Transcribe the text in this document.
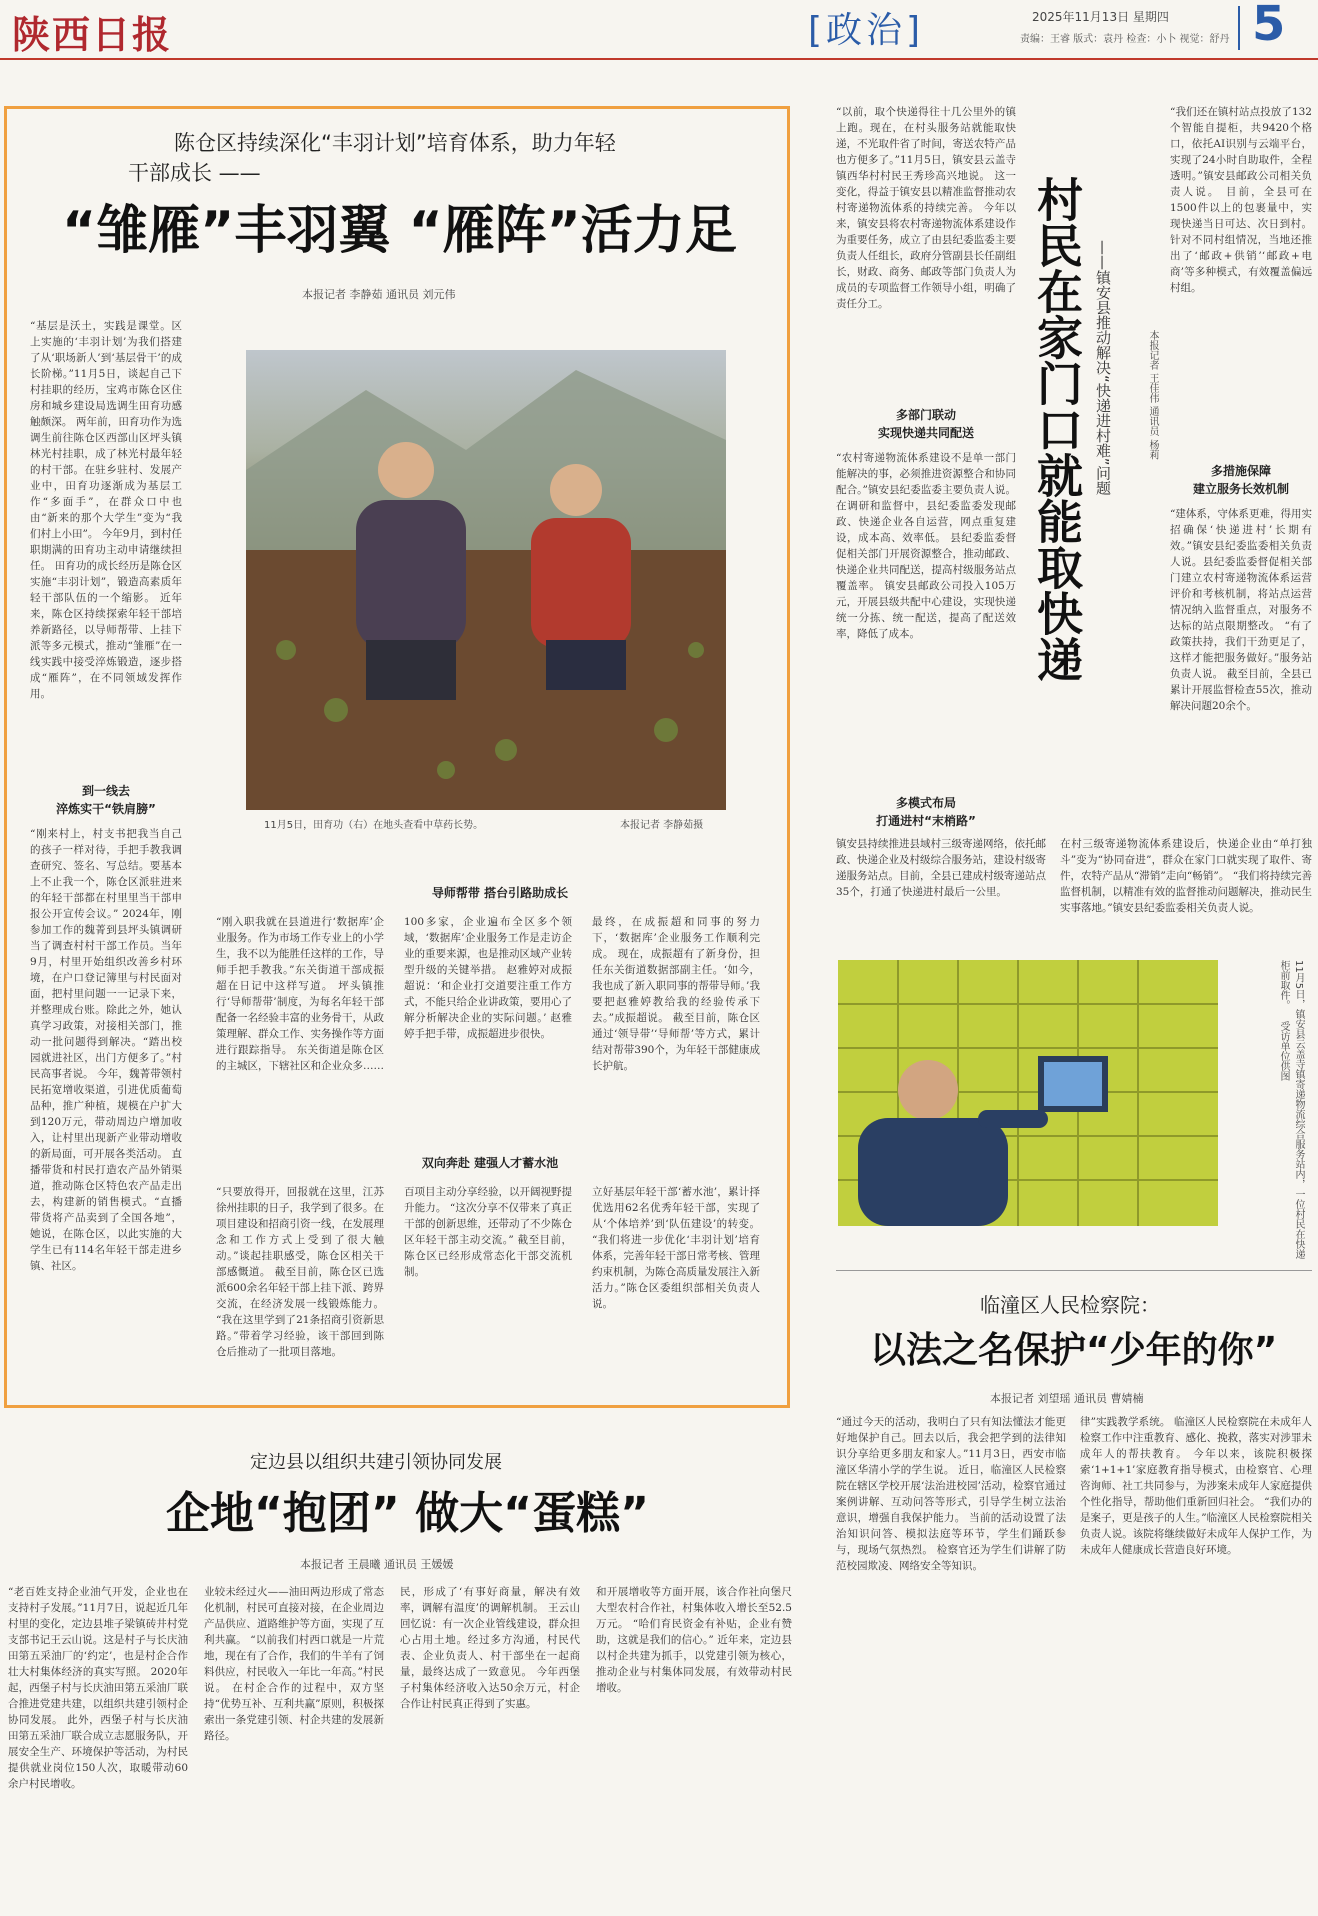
陕西日报	[政治]	2025年11月13日 星期四
责编：王睿 版式：袁丹 检查：小卜 视觉：舒丹 5
陈仓区持续深化“丰羽计划”培育体系，助力年轻
干部成长 ——
“雏雁”丰羽翼 “雁阵”活力足
本报记者 李静茹 通讯员 刘元伟
“基层是沃土，实践是课堂。区上实施的‘丰羽计划’为我们搭建了从‘职场新人’到‘基层骨干’的成长阶梯。”11月5日，谈起自己下村挂职的经历，宝鸡市陈仓区住房和城乡建设局选调生田育功感触颇深。 两年前，田育功作为选调生前往陈仓区西部山区坪头镇林光村挂职，成了林光村最年轻的村干部。在驻乡驻村、发展产业中，田育功逐渐成为基层工作“多面手”，在群众口中也由“新来的那个大学生”变为“我们村上小田”。 今年9月，到村任职期满的田育功主动申请继续担任。 田育功的成长经历是陈仓区实施“丰羽计划”，锻造高素质年轻干部队伍的一个缩影。 近年来，陈仓区持续探索年轻干部培养新路径，以导师帮带、上挂下派等多元模式，推动“雏雁”在一线实践中接受淬炼锻造，逐步搭成“雁阵”，在不同领域发挥作用。
11月5日，田育功（右）在地头查看中草药长势。	本报记者 李静茹摄
到一线去
淬炼实干“铁肩膀”
“刚来村上，村支书把我当自己的孩子一样对待，手把手教我调查研究、签名、写总结。要基本上不止我一个，陈仓区派驻进来的年轻干部都在村里里当干部申报公开宣传会议。” 2024年，刚参加工作的魏菁到县坪头镇调研当了调查村村干部工作员。当年9月，村里开始组织改善乡村环境，在户口登记簿里与村民面对面，把村里问题一一记录下来，并整理成台账。除此之外，她认真学习政策，对接相关部门，推动一批问题得到解决。“踏出校园就进社区，出门方便多了。”村民高事者说。 今年，魏菁带领村民拓宽增收渠道，引进优质葡萄品种，推广种植，规模在户扩大到120万元，带动周边户增加收入，让村里出现新产业带动增收的新局面，可开展各类活动。 直播带货和村民打造农产品外销渠道，推动陈仓区特色农产品走出去，构建新的销售模式。“直播带货将产品卖到了全国各地”，她说，在陈仓区，以此实施的大学生已有114名年轻干部走进乡镇、社区。
导师帮带 搭台引路助成长
“刚入职我就在县道进行‘数据库’企业服务。作为市场工作专业上的小学生，我不以为能胜任这样的工作，导师手把手教我。”东关街道干部成振超在日记中这样写道。 坪头镇推行‘导师帮带’制度，为每名年轻干部配备一名经验丰富的业务骨干，从政策理解、群众工作、实务操作等方面进行跟踪指导。 东关街道是陈仓区的主城区，下辖社区和企业众多……
100多家，企业遍布全区多个领域，‘数据库’企业服务工作是走访企业的重要来源，也是推动区域产业转型升级的关键举措。 赵雅婷对成振超说：‘和企业打交道要注重工作方式，不能只给企业讲政策，要用心了解分析解决企业的实际问题。’ 赵雅婷手把手带，成振超进步很快。
最终，在成振超和同事的努力下，‘数据库’企业服务工作顺利完成。 现在，成振超有了新身份，担任东关街道数据部副主任。‘如今，我也成了新入职同事的帮带导师。’我要把赵雅婷教给我的经验传承下去。”成振超说。 截至目前，陈仓区通过‘领导带’‘导师帮’等方式，累计结对帮带390个，为年轻干部健康成长护航。
双向奔赴 建强人才蓄水池
“只要放得开，回报就在这里，江苏徐州挂职的日子，我学到了很多。在项目建设和招商引资一线，在发展理念和工作方式上受到了很大触动。”谈起挂职感受，陈仓区相关干部感慨道。 截至目前，陈仓区已选派600余名年轻干部上挂下派、跨界交流，在经济发展一线锻炼能力。 “我在这里学到了21条招商引资新思路。”带着学习经验，该干部回到陈仓后推动了一批项目落地。
百项目主动分享经验，以开阔视野提升能力。 “这次分享不仅带来了真正干部的创新思维，还带动了不少陈仓区年轻干部主动交流。” 截至目前，陈仓区已经形成常态化干部交流机制。
立好基层年轻干部‘蓄水池’，累计择优选用62名优秀年轻干部，实现了从‘个体培养’到‘队伍建设’的转变。 “我们将进一步优化‘丰羽计划’培育体系，完善年轻干部日常考核、管理约束机制，为陈仓高质量发展注入新活力。”陈仓区委组织部相关负责人说。
“以前，取个快递得往十几公里外的镇上跑。现在，在村头服务站就能取快递，不光取件省了时间，寄送农特产品也方便多了。”11月5日，镇安县云盖寺镇西华村村民王秀珍高兴地说。 这一变化，得益于镇安县以精准监督推动农村寄递物流体系的持续完善。 今年以来，镇安县将农村寄递物流体系建设作为重要任务，成立了由县纪委监委主要负责人任组长，政府分管副县长任副组长，财政、商务、邮政等部门负责人为成员的专项监督工作领导小组，明确了责任分工。
多部门联动
实现快递共同配送
“农村寄递物流体系建设不是单一部门能解决的事，必须推进资源整合和协同配合。”镇安县纪委监委主要负责人说。在调研和监督中，县纪委监委发现邮政、快递企业各自运营，网点重复建设，成本高、效率低。 县纪委监委督促相关部门开展资源整合，推动邮政、快递企业共同配送，提高村级服务站点覆盖率。 镇安县邮政公司投入105万元，开展县级共配中心建设，实现快递统一分拣、统一配送，提高了配送效率，降低了成本。
多模式布局
打通进村“末梢路”
镇安县持续推进县域村三级寄递网络，依托邮政、快递企业及村级综合服务站，建设村级寄递服务站点。目前，全县已建成村级寄递站点35个，打通了快递进村最后一公里。
村民在家门口就能取快递 ——镇安县推动解决“快递进村难”问题	本报记者 王佳伟 通讯员 杨莉
“我们还在镇村站点投放了132个智能自提柜，共9420个格口，依托AI识别与云端平台，实现了24小时自助取件，全程透明。”镇安县邮政公司相关负责人说。 目前，全县可在1500件以上的包裹量中，实现快递当日可达、次日到村。 针对不同村组情况，当地还推出了‘邮政+供销’‘邮政+电商’等多种模式，有效覆盖偏远村组。
多措施保障
建立服务长效机制
“建体系，守体系更难，得用实招确保‘快递进村’长期有效。”镇安县纪委监委相关负责人说。县纪委监委督促相关部门建立农村寄递物流体系运营评价和考核机制，将站点运营情况纳入监督重点，对服务不达标的站点限期整改。 “有了政策扶持，我们干劲更足了，这样才能把服务做好。”服务站负责人说。 截至目前，全县已累计开展监督检查55次，推动解决问题20余个。
在村三级寄递物流体系建设后，快递企业由“单打独斗”变为“协同奋进”，群众在家门口就实现了取件、寄件，农特产品从“滞销”走向“畅销”。 “我们将持续完善监督机制，以精准有效的监督推动问题解决，推动民生实事落地。”镇安县纪委监委相关负责人说。
11月5日，镇安县云盖寺镇寄递物流综合服务站内，一位村民在快递柜前取件。 受访单位供图
临潼区人民检察院：
以法之名保护“少年的你”
本报记者 刘望瑶 通讯员 曹婧楠
“通过今天的活动，我明白了只有知法懂法才能更好地保护自己。回去以后，我会把学到的法律知识分享给更多朋友和家人。”11月3日，西安市临潼区华清小学的学生说。 近日，临潼区人民检察院在辖区学校开展‘法治进校园’活动，检察官通过案例讲解、互动问答等形式，引导学生树立法治意识，增强自我保护能力。 当前的活动设置了法治知识问答、模拟法庭等环节，学生们踊跃参与，现场气氛热烈。 检察官还为学生们讲解了防范校园欺凌、网络安全等知识。
律”实践教学系统。 临潼区人民检察院在未成年人检察工作中注重教育、感化、挽救，落实对涉罪未成年人的帮扶教育。 今年以来，该院积极探索‘1+1+1’家庭教育指导模式，由检察官、心理咨询师、社工共同参与，为涉案未成年人家庭提供个性化指导，帮助他们重新回归社会。 “我们办的是案子，更是孩子的人生。”临潼区人民检察院相关负责人说。该院将继续做好未成年人保护工作，为未成年人健康成长营造良好环境。
定边县以组织共建引领协同发展
企地“抱团” 做大“蛋糕”
本报记者 王晨曦 通讯员 王媛媛
“老百姓支持企业油气开发，企业也在支持村子发展。”11月7日，说起近几年村里的变化，定边县堆子梁镇砖井村党支部书记王云山说。这是村子与长庆油田第五采油厂的‘约定’，也是村企合作壮大村集体经济的真实写照。 2020年起，西堡子村与长庆油田第五采油厂联合推进党建共建，以组织共建引领村企协同发展。 此外，西堡子村与长庆油田第五采油厂联合成立志愿服务队，开展安全生产、环境保护等活动，为村民提供就业岗位150人次，取暖带动60余户村民增收。
业较未经过火——油田两边形成了常态化机制，村民可直接对接，在企业周边产品供应、道路维护等方面，实现了互利共赢。 “以前我们村西口就是一片荒地，现在有了合作，我们的牛羊有了饲料供应，村民收入一年比一年高。”村民说。 在村企合作的过程中，双方坚持“优势互补、互利共赢”原则，积极探索出一条党建引领、村企共建的发展新路径。
民，形成了‘有事好商量，解决有效率，调解有温度’的调解机制。 王云山回忆说：有一次企业管线建设，群众担心占用土地。经过多方沟通，村民代表、企业负责人、村干部坐在一起商量，最终达成了一致意见。 今年西堡子村集体经济收入达50余万元，村企合作让村民真正得到了实惠。
和开展增收等方面开展，该合作社向堡尺大型农村合作社，村集体收入增长至52.5万元。 “哈们育民资金有补贴，企业有赞助，这就是我们的信心。” 近年来，定边县以村企共建为抓手，以党建引领为核心，推动企业与村集体同发展，有效带动村民增收。
